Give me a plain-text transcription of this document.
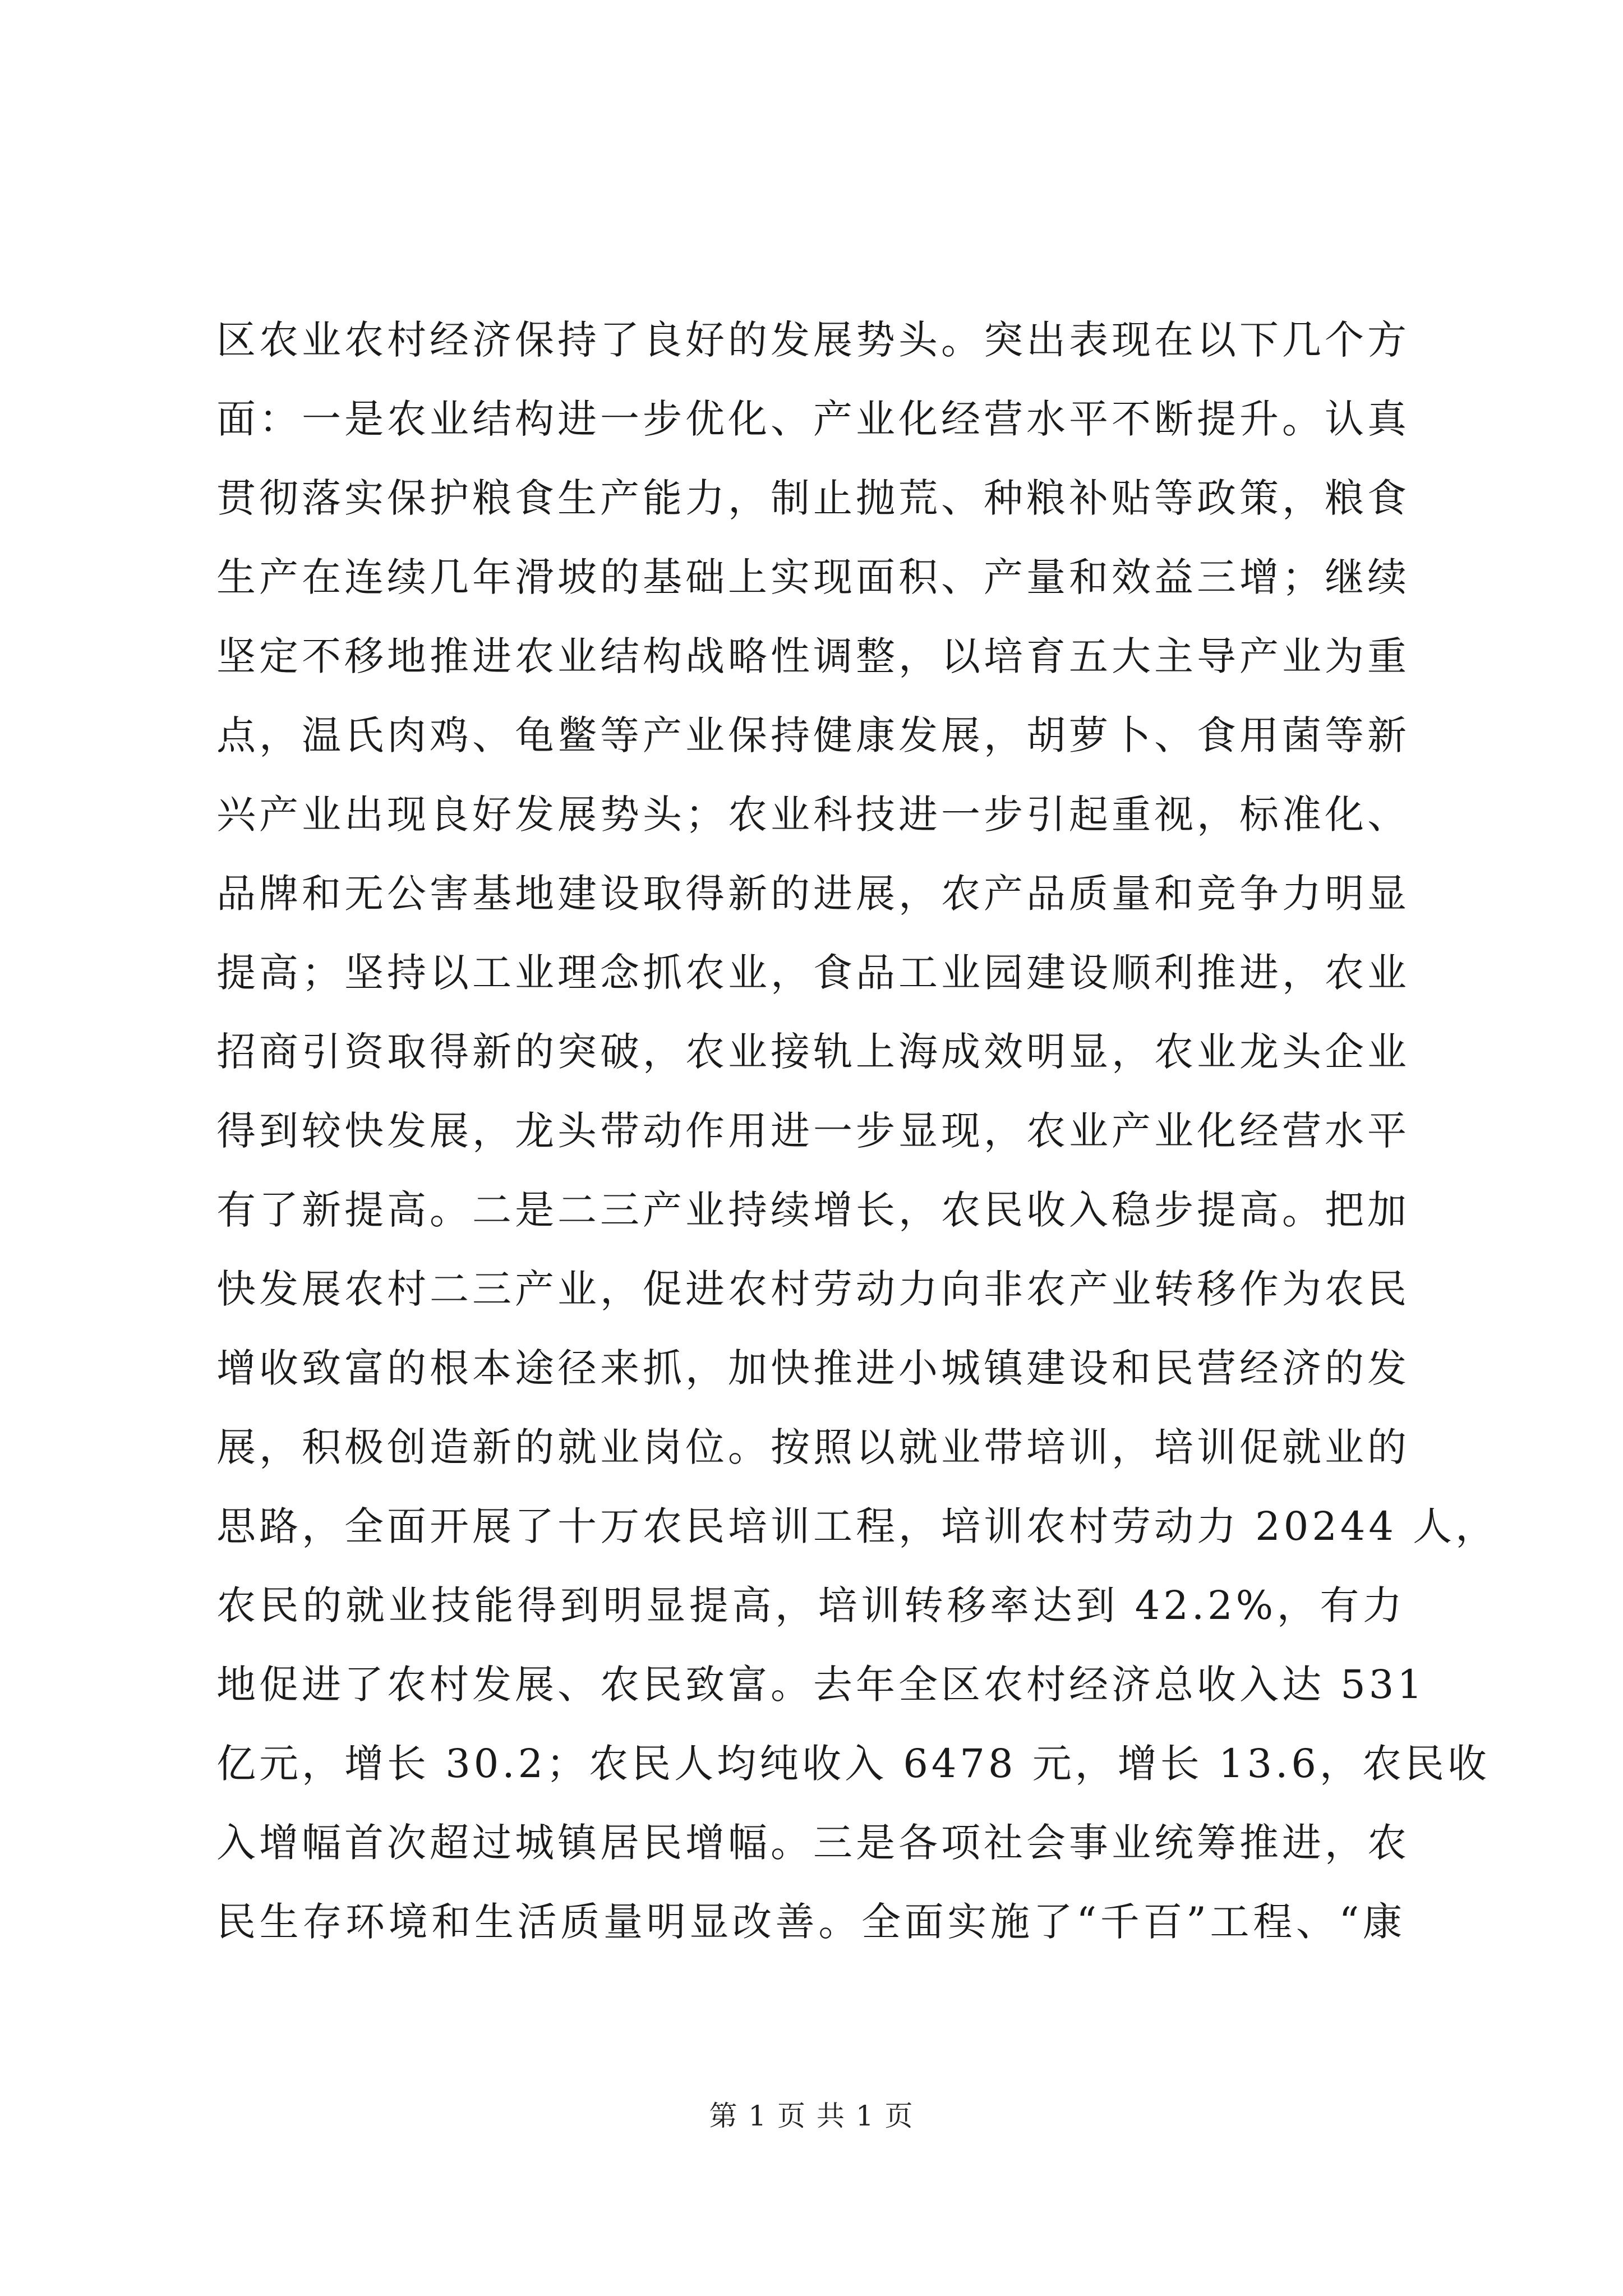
区农业农村经济保持了良好的发展势头。突出表现在以下几个方
面：一是农业结构进一步优化、产业化经营水平不断提升。认真
贯彻落实保护粮食生产能力，制止抛荒、种粮补贴等政策，粮食
生产在连续几年滑坡的基础上实现面积、产量和效益三增；继续
坚定不移地推进农业结构战略性调整，以培育五大主导产业为重
点，温氏肉鸡、龟鳖等产业保持健康发展，胡萝卜、食用菌等新
兴产业出现良好发展势头；农业科技进一步引起重视，标准化、
品牌和无公害基地建设取得新的进展，农产品质量和竞争力明显
提高；坚持以工业理念抓农业，食品工业园建设顺利推进，农业
招商引资取得新的突破，农业接轨上海成效明显，农业龙头企业
得到较快发展，龙头带动作用进一步显现，农业产业化经营水平
有了新提高。二是二三产业持续增长，农民收入稳步提高。把加
快发展农村二三产业，促进农村劳动力向非农产业转移作为农民
增收致富的根本途径来抓，加快推进小城镇建设和民营经济的发
展，积极创造新的就业岗位。按照以就业带培训，培训促就业的
思路，全面开展了十万农民培训工程，培训农村劳动力 20244 人，
农民的就业技能得到明显提高，培训转移率达到 42.2%，有力
地促进了农村发展、农民致富。去年全区农村经济总收入达 531
亿元，增长 30.2；农民人均纯收入 6478 元，增长 13.6，农民收
入增幅首次超过城镇居民增幅。三是各项社会事业统筹推进，农
民生存环境和生活质量明显改善。全面实施了“千百”工程、“康
第 1 页 共 1 页
